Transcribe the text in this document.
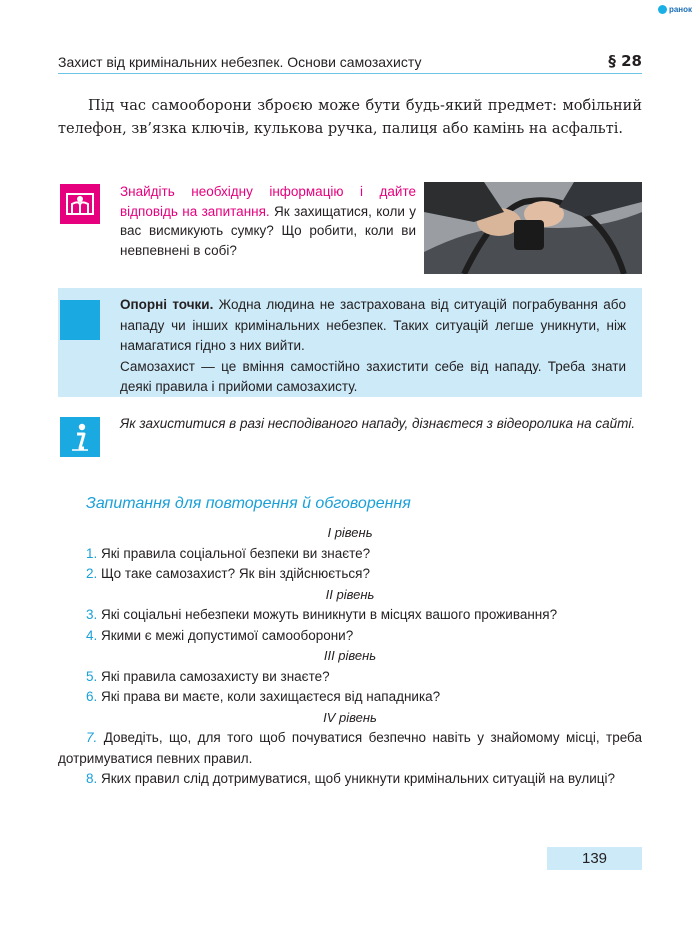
ранок
Захист від кримінальних небезпек. Основи самозахисту	§ 28

Під час самооборони зброєю може бути будь-який предмет: мобільний телефон, зв’язка ключів, кулькова ручка, палиця або камінь на асфальті.

Знайдіть необхідну інформацію і дайте відповідь на запитання. Як захищатися, коли у вас висмикують сумку? Що робити, коли ви невпевнені в собі?

Опорні точки. Жодна людина не застрахована від ситуацій пограбування або нападу чи інших кримінальних небезпек. Таких ситуацій легше уникнути, ніж намагатися гідно з них вийти.

Самозахист — це вміння самостійно захистити себе від нападу. Треба знати деякі правила і прийоми самозахисту.

Як захиститися в разі несподіваного нападу, дізнаєтеся з відеоролика на сайті.

Запитання для повторення й обговорення

І рівень

1. Які правила соціальної безпеки ви знаєте?

2. Що таке самозахист? Як він здійснюється?

ІІ рівень

3. Які соціальні небезпеки можуть виникнути в місцях вашого проживання?

4. Якими є межі допустимої самооборони?

ІІІ рівень

5. Які правила самозахисту ви знаєте?

6. Які права ви маєте, коли захищаєтеся від нападника?

ІV рівень

7. Доведіть, що, для того щоб почуватися безпечно навіть у знайомому місці, треба дотримуватися певних правил.

8. Яких правил слід дотримуватися, щоб уникнути кримінальних ситуацій на вулиці?

139
